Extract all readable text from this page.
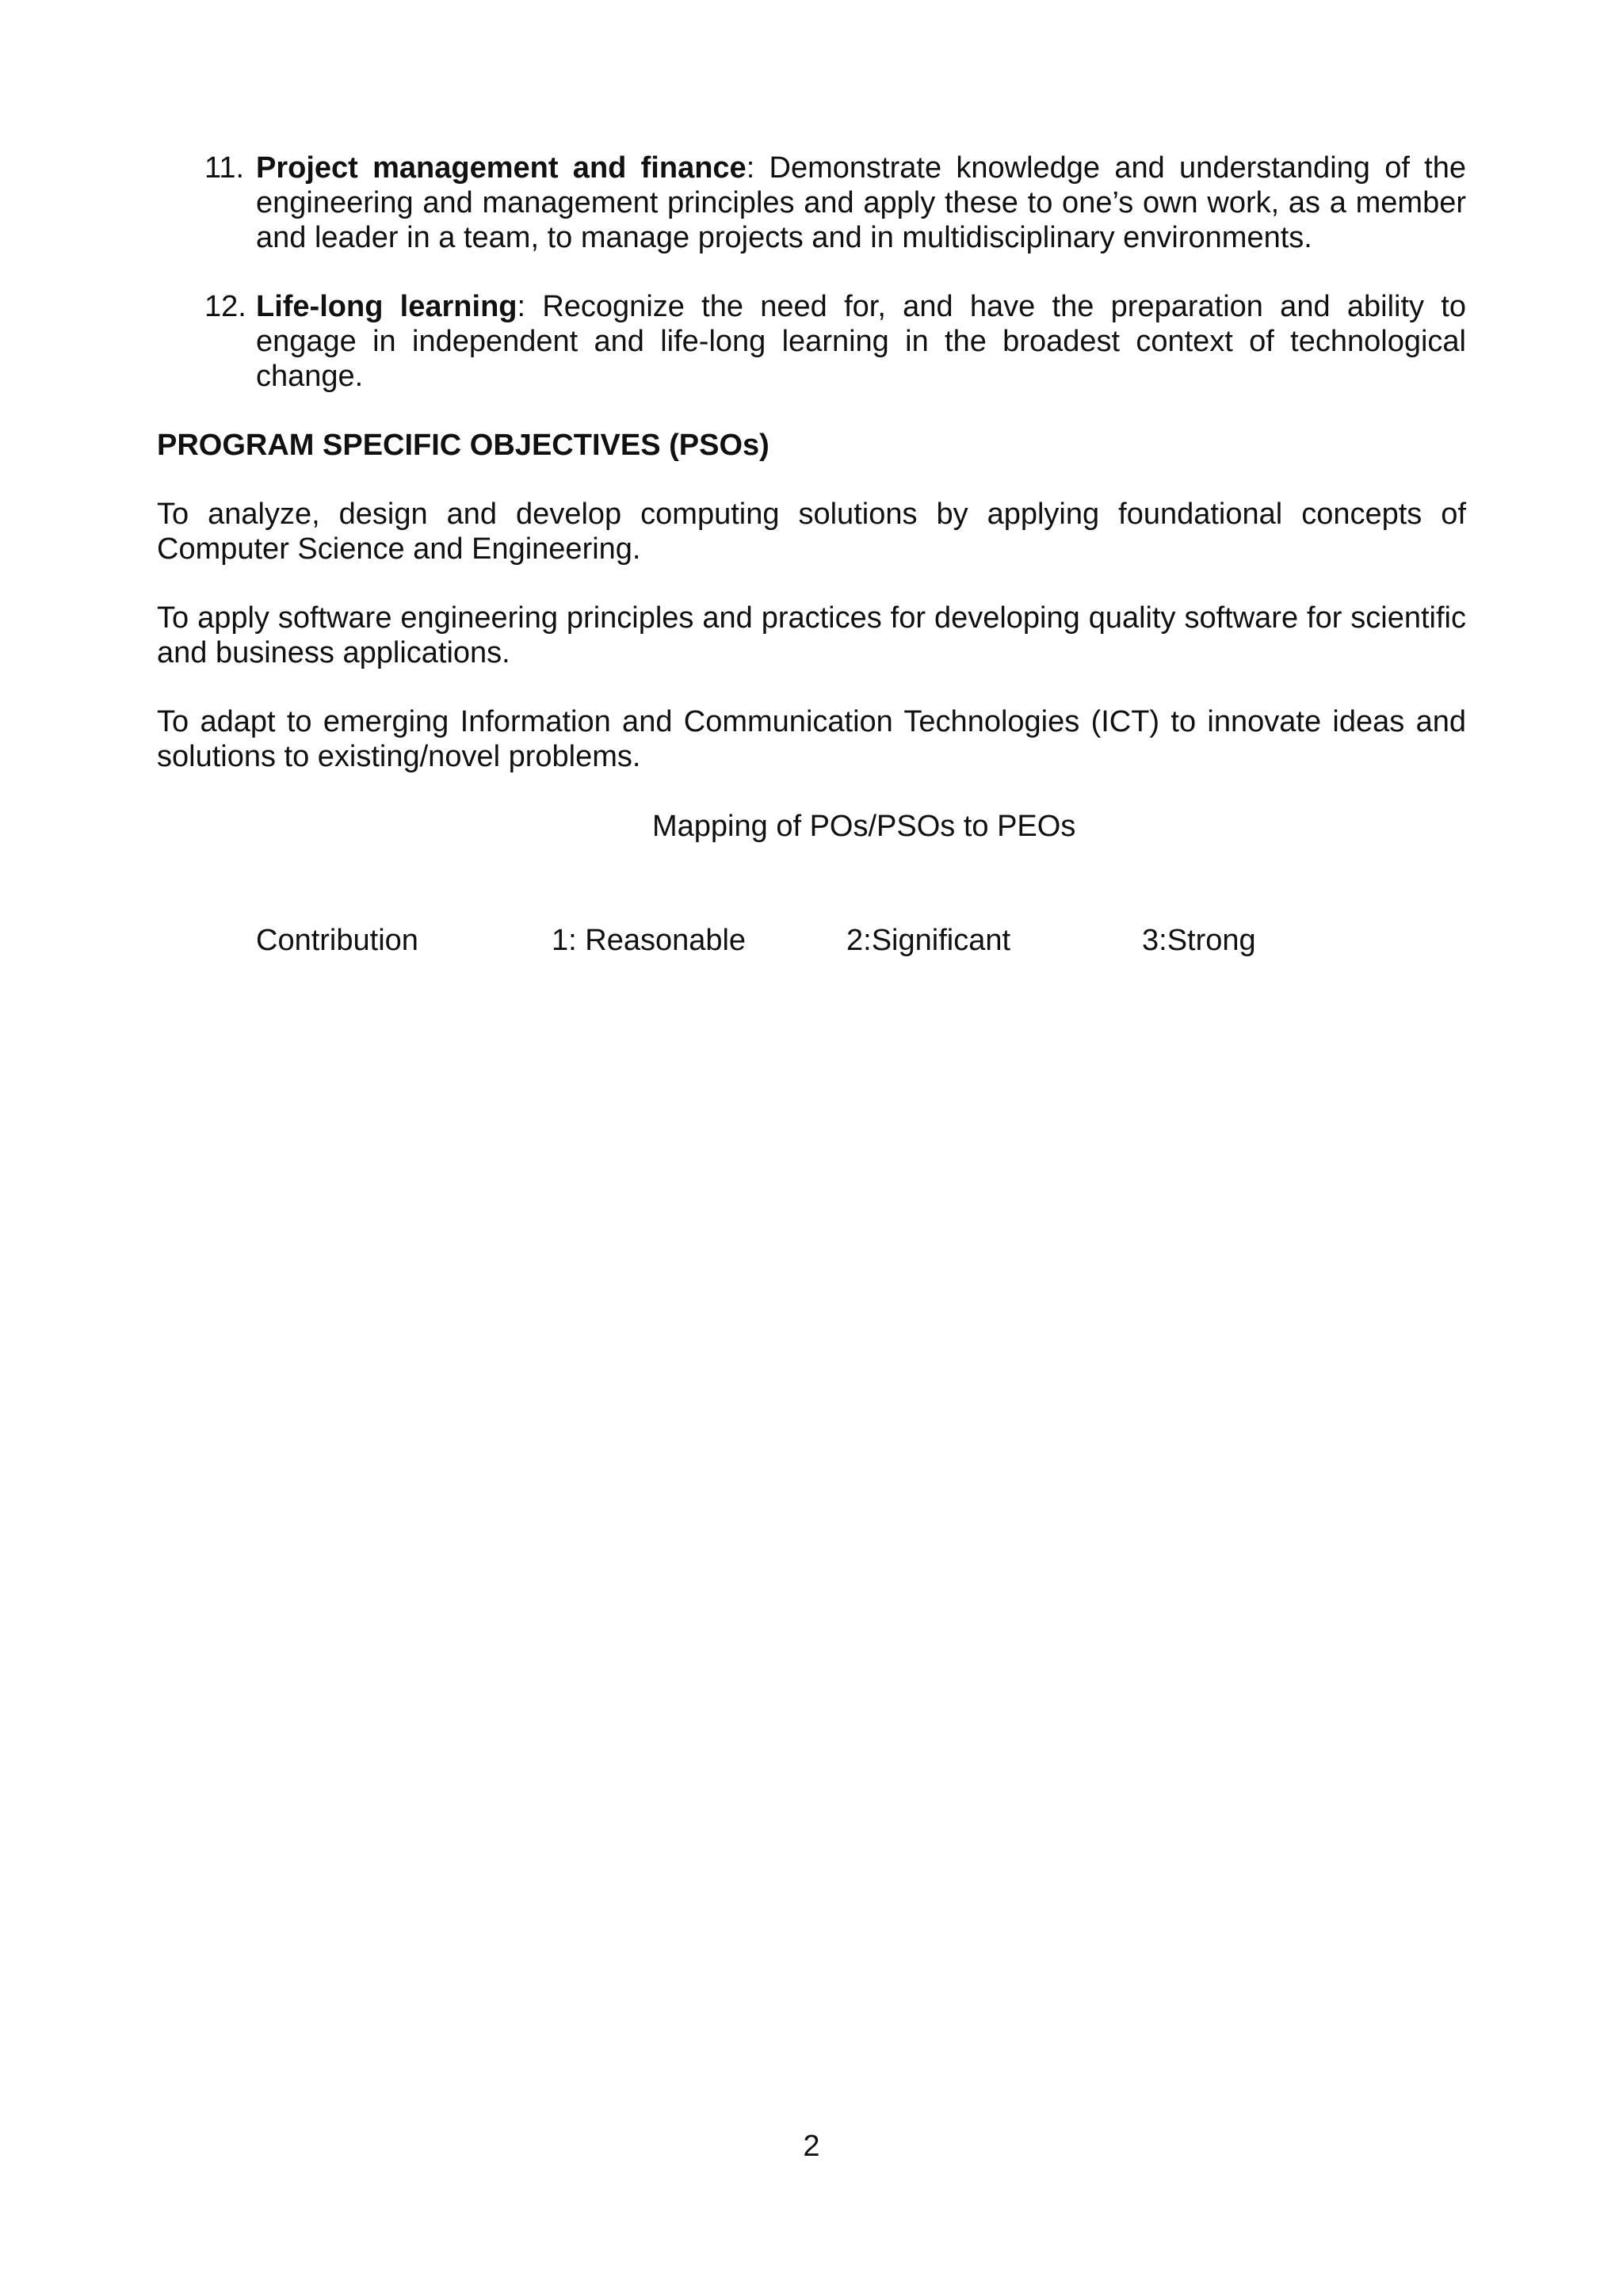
11. Project management and finance: Demonstrate knowledge and understanding of the engineering and management principles and apply these to one’s own work, as a member and leader in a team, to manage projects and in multidisciplinary environments.
12. Life-long learning: Recognize the need for, and have the preparation and ability to engage in independent and life-long learning in the broadest context of technological change.
PROGRAM SPECIFIC OBJECTIVES (PSOs)

To analyze, design and develop computing solutions by applying foundational concepts of Computer Science and Engineering.

To apply software engineering principles and practices for developing quality software for scientific and business applications.

To adapt to emerging Information and Communication Technologies (ICT) to innovate ideas and solutions to existing/novel problems.

Mapping of POs/PSOs to PEOs

Contribution	1: Reasonable	2:Significant	3:Strong
2
